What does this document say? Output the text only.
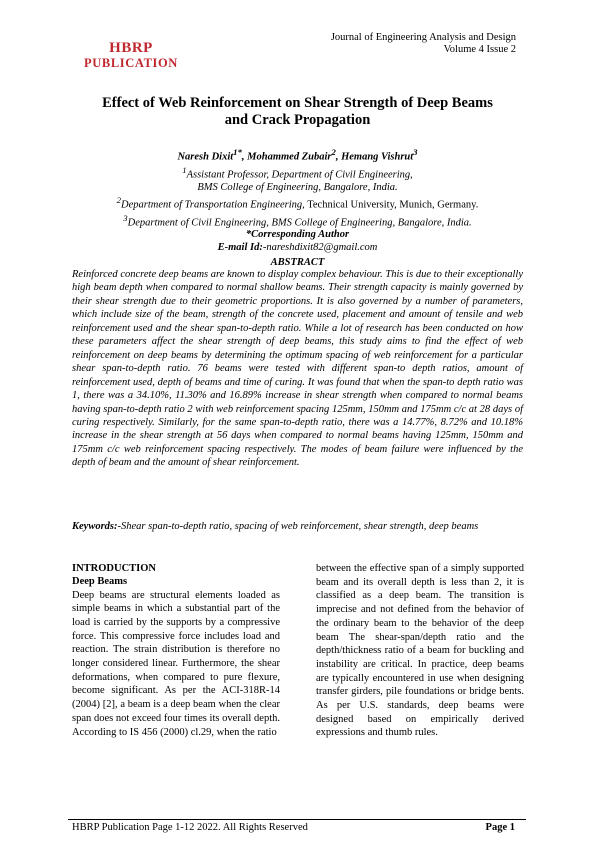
HBRP
PUBLICATION
Journal of Engineering Analysis and Design
Volume 4 Issue 2
Effect of Web Reinforcement on Shear Strength of Deep Beams
and Crack Propagation
Naresh Dixit$^{1*}$, Mohammed Zubair$^2$, Hemang Vishrut$^3$
$^1$Assistant Professor, Department of Civil Engineering,
BMS College of Engineering, Bangalore, India.
$^2$Department of Transportation Engineering, Technical University, Munich, Germany.
$^3$Department of Civil Engineering, BMS College of Engineering, Bangalore, India.
*Corresponding Author
E-mail Id:-nareshdixit82@gmail.com
ABSTRACT

Reinforced concrete deep beams are known to display complex behaviour. This is due to their exceptionally high beam depth when compared to normal shallow beams. Their strength capacity is mainly governed by their shear strength due to their geometric proportions. It is also governed by a number of parameters, which include size of the beam, strength of the concrete used, placement and amount of tensile and web reinforcement used and the shear span-to-depth ratio. While a lot of research has been conducted on how these parameters affect the shear strength of deep beams, this study aims to find the effect of web reinforcement on deep beams by determining the optimum spacing of web reinforcement for a particular shear span-to-depth ratio. 76 beams were tested with different span-to depth ratios, amount of reinforcement used, depth of beams and time of curing. It was found that when the span-to depth ratio was 1, there was a 34.10%, 11.30% and 16.89% increase in shear strength when compared to normal beams having span-to-depth ratio 2 with web reinforcement spacing 125mm, 150mm and 175mm c/c at 28 days of curing respectively. Similarly, for the same span-to-depth ratio, there was a 14.77%, 8.72% and 10.18% increase in the shear strength at 56 days when compared to normal beams having 125mm, 150mm and 175mm c/c web reinforcement spacing respectively. The modes of beam failure were influenced by the depth of beam and the amount of shear reinforcement.

Keywords:-Shear span-to-depth ratio, spacing of web reinforcement, shear strength, deep beams

INTRODUCTION
Deep Beams

Deep beams are structural elements loaded as simple beams in which a substantial part of the load is carried by the supports by a compressive force. This compressive force includes load and reaction. The strain distribution is therefore no longer considered linear. Furthermore, the shear deformations, when compared to pure flexure, become significant. As per the ACI-318R-14 (2004) [2], a beam is a deep beam when the clear span does not exceed four times its overall depth. According to IS 456 (2000) cl.29, when the ratio

between the effective span of a simply supported beam and its overall depth is less than 2, it is classified as a deep beam. The transition is imprecise and not defined from the behavior of the ordinary beam to the behavior of the deep beam The shear-span/depth ratio and the depth/thickness ratio of a beam for buckling and instability are critical. In practice, deep beams are typically encountered in use when designing transfer girders, pile foundations or bridge bents. As per U.S. standards, deep beams were designed based on empirically derived expressions and thumb rules.

HBRP Publication Page 1-12 2022. All Rights Reserved	Page 1
